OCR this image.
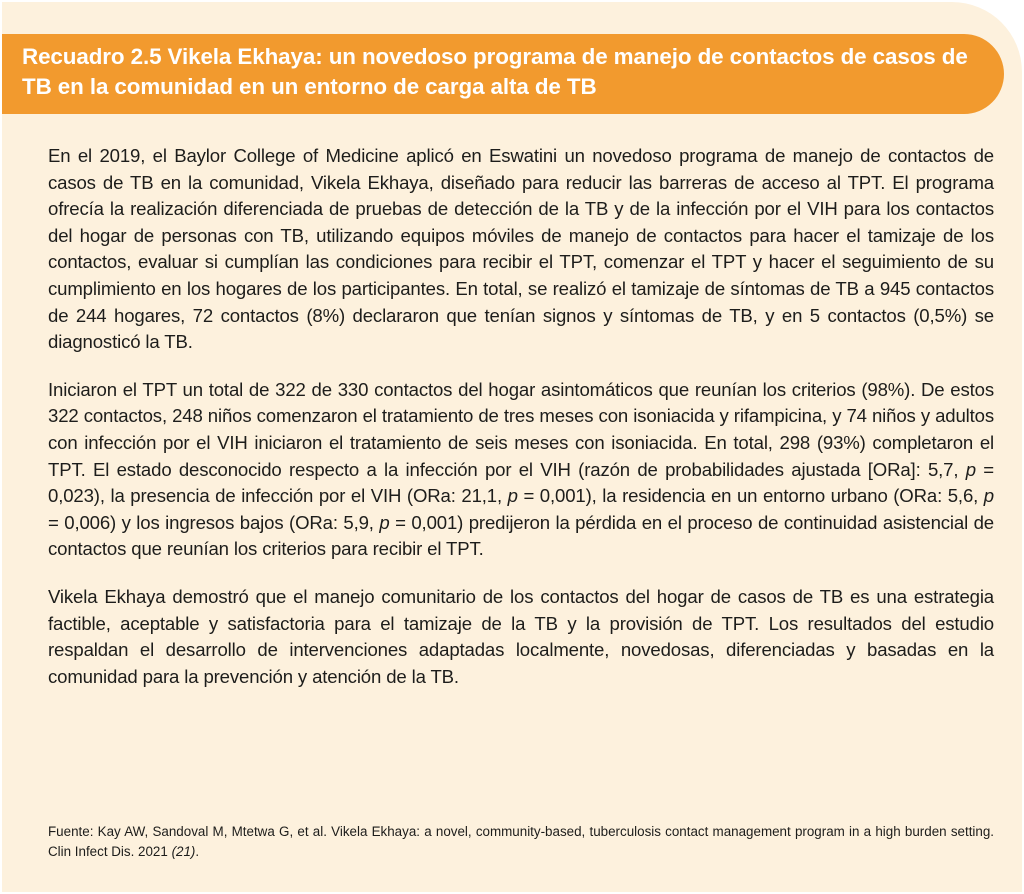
Recuadro 2.5 Vikela Ekhaya: un novedoso programa de manejo de contactos de casos de TB en la comunidad en un entorno de carga alta de TB

En el 2019, el Baylor College of Medicine aplicó en Eswatini un novedoso programa de manejo de contactos de casos de TB en la comunidad, Vikela Ekhaya, diseñado para reducir las barreras de acceso al TPT. El programa ofrecía la realización diferenciada de pruebas de detección de la TB y de la infección por el VIH para los contactos del hogar de personas con TB, utilizando equipos móviles de manejo de contactos para hacer el tamizaje de los contactos, evaluar si cumplían las condiciones para recibir el TPT, comenzar el TPT y hacer el seguimiento de su cumplimiento en los hogares de los participantes. En total, se realizó el tamizaje de síntomas de TB a 945 contactos de 244 hogares, 72 contactos (8%) declararon que tenían signos y síntomas de TB, y en 5 contactos (0,5%) se diagnosticó la TB.

Iniciaron el TPT un total de 322 de 330 contactos del hogar asintomáticos que reunían los criterios (98%). De estos 322 contactos, 248 niños comenzaron el tratamiento de tres meses con isoniacida y rifampicina, y 74 niños y adultos con infección por el VIH iniciaron el tratamiento de seis meses con isoniacida. En total, 298 (93%) completaron el TPT. El estado desconocido respecto a la infección por el VIH (razón de probabilidades ajustada [ORa]: 5,7, p = 0,023), la presencia de infección por el VIH (ORa: 21,1, p = 0,001), la residencia en un entorno urbano (ORa: 5,6, p = 0,006) y los ingresos bajos (ORa: 5,9, p = 0,001) predijeron la pérdida en el proceso de continuidad asistencial de contactos que reunían los criterios para recibir el TPT.

Vikela Ekhaya demostró que el manejo comunitario de los contactos del hogar de casos de TB es una estrategia factible, aceptable y satisfactoria para el tamizaje de la TB y la provisión de TPT. Los resultados del estudio respaldan el desarrollo de intervenciones adaptadas localmente, novedosas, diferenciadas y basadas en la comunidad para la prevención y atención de la TB.

Fuente: Kay AW, Sandoval M, Mtetwa G, et al. Vikela Ekhaya: a novel, community-based, tuberculosis contact management program in a high burden setting. Clin Infect Dis. 2021 (21).
